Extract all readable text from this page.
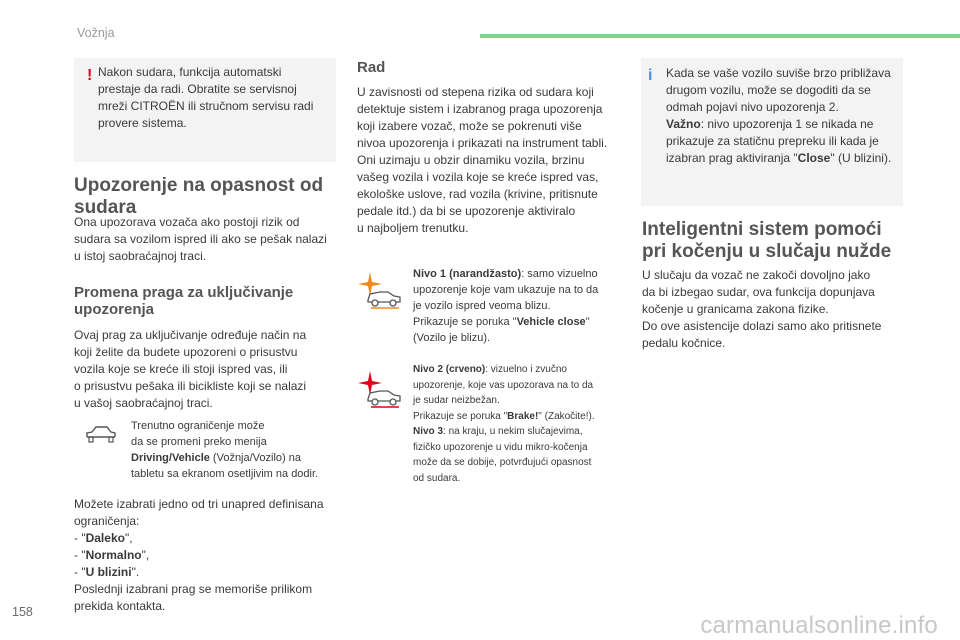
Vožnja
! Nakon sudara, funkcija automatski
prestaje da radi. Obratite se servisnoj
mreži CITROËN ili stručnom servisu radi
provere sistema.
Upozorenje na opasnost od
sudara
Ona upozorava vozača ako postoji rizik od
sudara sa vozilom ispred ili ako se pešak nalazi
u istoj saobraćajnoj traci.
Promena praga za uključivanje
upozorenja
Ovaj prag za uključivanje određuje način na
koji želite da budete upozoreni o prisustvu
vozila koje se kreće ili stoji ispred vas, ili
o prisustvu pešaka ili bicikliste koji se nalazi
u vašoj saobraćajnoj traci.
Trenutno ograničenje može
da se promeni preko menija
Driving/Vehicle (Vožnja/Vozilo) na
tabletu sa ekranom osetljivim na dodir.
Možete izabrati jedno od tri unapred definisana
ograničenja:
- "Daleko",
- "Normalno",
- "U blizini".
Poslednji izabrani prag se memoriše prilikom
prekida kontakta.
Rad
U zavisnosti od stepena rizika od sudara koji
detektuje sistem i izabranog praga upozorenja
koji izabere vozač, može se pokrenuti više
nivoa upozorenja i prikazati na instrument tabli.
Oni uzimaju u obzir dinamiku vozila, brzinu
vašeg vozila i vozila koje se kreće ispred vas,
ekološke uslove, rad vozila (krivine, pritisnute
pedale itd.) da bi se upozorenje aktiviralo
u najboljem trenutku.
Nivo 1 (narandžasto): samo vizuelno
upozorenje koje vam ukazuje na to da
je vozilo ispred veoma blizu.
Prikazuje se poruka "Vehicle close"
(Vozilo je blizu).
Nivo 2 (crveno): vizuelno i zvučno
upozorenje, koje vas upozorava na to da
je sudar neizbežan.
Prikazuje se poruka "Brake!" (Zakočite!).
Nivo 3: na kraju, u nekim slučajevima,
fizičko upozorenje u vidu mikro-kočenja
može da se dobije, potvrđujući opasnost
od sudara.
i Kada se vaše vozilo suviše brzo približava
drugom vozilu, može se dogoditi da se
odmah pojavi nivo upozorenja 2.
Važno: nivo upozorenja 1 se nikada ne
prikazuje za statičnu prepreku ili kada je
izabran prag aktiviranja "Close" (U blizini).
Inteligentni sistem pomoći
pri kočenju u slučaju nužde
U slučaju da vozač ne zakoči dovoljno jako
da bi izbegao sudar, ova funkcija dopunjava
kočenje u granicama zakona fizike.
Do ove asistencije dolazi samo ako pritisnete
pedalu kočnice.
158	carmanualsonline.info
